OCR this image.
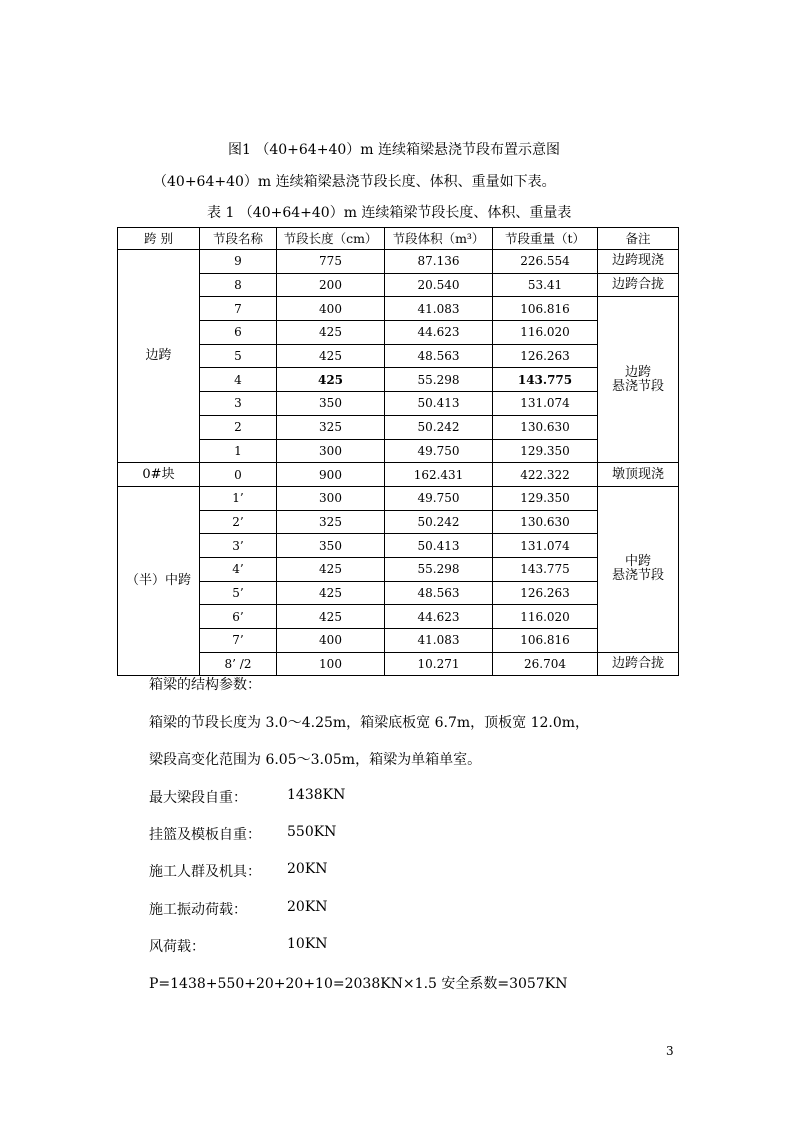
图1 （40+64+40）m 连续箱梁悬浇节段布置示意图
（40+64+40）m 连续箱梁悬浇节段长度、体积、重量如下表。
表 1 （40+64+40）m 连续箱梁节段长度、体积、重量表
跨 别	节段名称	节段长度（cm）	节段体积（m³）	节段重量（t）	备注
边跨	9	775	87.136	226.554	边跨现浇
	8	200	20.540	53.41	边跨合拢
	7	400	41.083	106.816	边跨
悬浇节段
	6	425	44.623	116.020	
	5	425	48.563	126.263	
	4	425	55.298	143.775	
	3	350	50.413	131.074	
	2	325	50.242	130.630	
	1	300	49.750	129.350	
0#块	0	900	162.431	422.322	墩顶现浇
（半）中跨	1’	300	49.750	129.350	中跨
悬浇节段
	2’	325	50.242	130.630	
	3’	350	50.413	131.074	
	4’	425	55.298	143.775	
	5’	425	48.563	126.263	
	6’	425	44.623	116.020	
	7’	400	41.083	106.816	
	8’ /2	100	10.271	26.704	边跨合拢
箱梁的结构参数：
箱梁的节段长度为 3.0～4.25m，箱梁底板宽 6.7m，顶板宽 12.0m，
梁段高变化范围为 6.05～3.05m，箱梁为单箱单室。
最大梁段自重：	1438KN
挂篮及模板自重： 550KN
施工人群及机具： 20KN
施工振动荷载：	20KN
风荷载：	10KN
P=1438+550+20+20+10=2038KN×1.5 安全系数=3057KN
3
